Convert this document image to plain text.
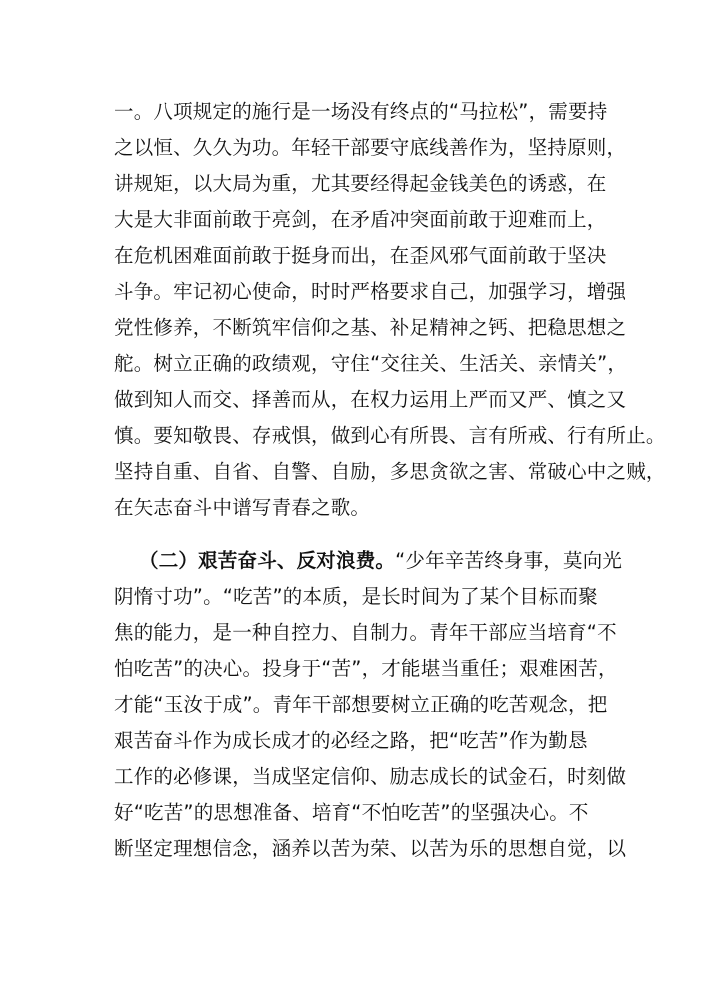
一。八项规定的施行是一场没有终点的“马拉松”，需要持
之以恒、久久为功。年轻干部要守底线善作为，坚持原则，
讲规矩，以大局为重，尤其要经得起金钱美色的诱惑，在
大是大非面前敢于亮剑，在矛盾冲突面前敢于迎难而上，
在危机困难面前敢于挺身而出，在歪风邪气面前敢于坚决
斗争。牢记初心使命，时时严格要求自己，加强学习，增强
党性修养，不断筑牢信仰之基、补足精神之钙、把稳思想之
舵。树立正确的政绩观，守住“交往关、生活关、亲情关”，
做到知人而交、择善而从，在权力运用上严而又严、慎之又
慎。要知敬畏、存戒惧，做到心有所畏、言有所戒、行有所止。
坚持自重、自省、自警、自励，多思贪欲之害、常破心中之贼，
在矢志奋斗中谱写青春之歌。
（二）艰苦奋斗、反对浪费。“少年辛苦终身事，莫向光
阴惰寸功”。“吃苦”的本质，是长时间为了某个目标而聚
焦的能力，是一种自控力、自制力。青年干部应当培育“不
怕吃苦”的决心。投身于“苦”，才能堪当重任；艰难困苦，
才能“玉汝于成”。青年干部想要树立正确的吃苦观念，把
艰苦奋斗作为成长成才的必经之路，把“吃苦”作为勤恳
工作的必修课，当成坚定信仰、励志成长的试金石，时刻做
好“吃苦”的思想准备、培育“不怕吃苦”的坚强决心。不
断坚定理想信念，涵养以苦为荣、以苦为乐的思想自觉，以
